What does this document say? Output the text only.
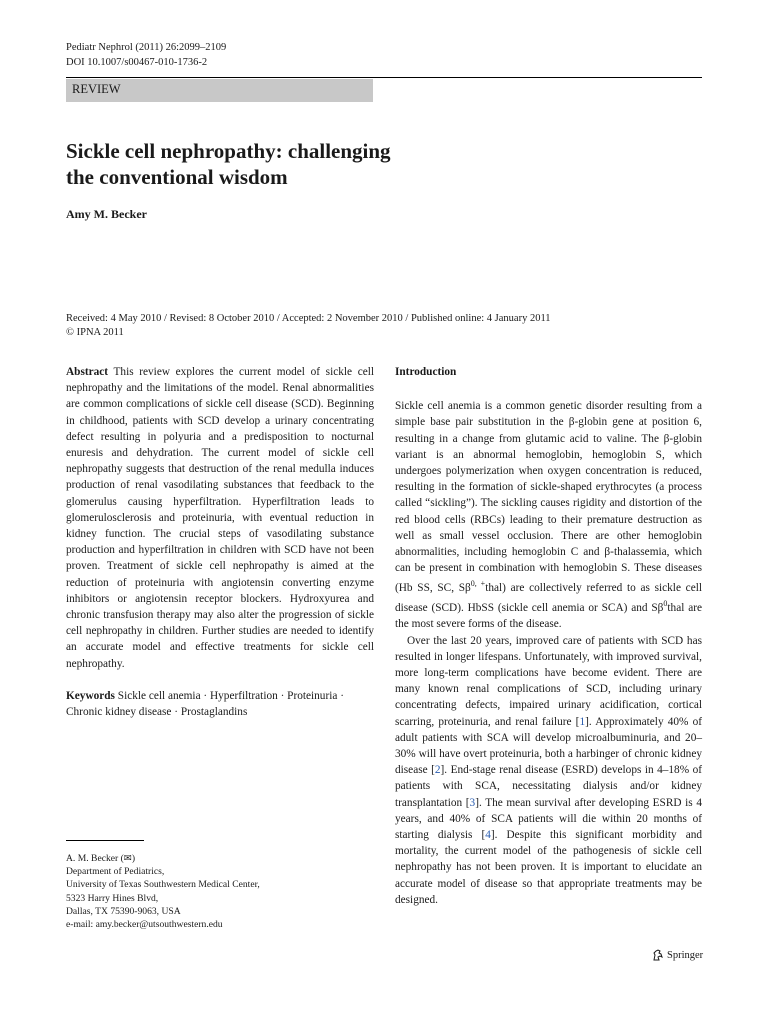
Pediatr Nephrol (2011) 26:2099–2109
DOI 10.1007/s00467-010-1736-2
REVIEW
Sickle cell nephropathy: challenging
the conventional wisdom
Amy M. Becker
Received: 4 May 2010 / Revised: 8 October 2010 / Accepted: 2 November 2010 / Published online: 4 January 2011
© IPNA 2011

Abstract This review explores the current model of sickle cell nephropathy and the limitations of the model. Renal abnormalities are common complications of sickle cell disease (SCD). Beginning in childhood, patients with SCD develop a urinary concentrating defect resulting in polyuria and a predisposition to nocturnal enuresis and dehydration. The current model of sickle cell nephropathy suggests that destruction of the renal medulla induces production of renal vasodilating substances that feedback to the glomerulus causing hyperfiltration. Hyperfiltration leads to glomerulosclerosis and proteinuria, with eventual reduction in kidney function. The crucial steps of vasodilating substance production and hyperfiltration in children with SCD have not been proven. Treatment of sickle cell nephropathy is aimed at the reduction of proteinuria with angiotensin converting enzyme inhibitors or angiotensin receptor blockers. Hydroxyurea and chronic transfusion therapy may also alter the progression of sickle cell nephropathy in children. Further studies are needed to identify an accurate model and effective treatments for sickle cell nephropathy.

Keywords Sickle cell anemia · Hyperfiltration · Proteinuria · Chronic kidney disease · Prostaglandins

A. M. Becker (✉)
Department of Pediatrics,
University of Texas Southwestern Medical Center,
5323 Harry Hines Blvd,
Dallas, TX 75390-9063, USA
e-mail: amy.becker@utsouthwestern.edu
Introduction

Sickle cell anemia is a common genetic disorder resulting from a simple base pair substitution in the β-globin gene at position 6, resulting in a change from glutamic acid to valine. The β-globin variant is an abnormal hemoglobin, hemoglobin S, which undergoes polymerization when oxygen concentration is reduced, resulting in the formation of sickle-shaped erythrocytes (a process called “sickling”). The sickling causes rigidity and distortion of the red blood cells (RBCs) leading to their premature destruction as well as small vessel occlusion. There are other hemoglobin abnormalities, including hemoglobin C and β-thalassemia, which can be present in combination with hemoglobin S. These diseases (Hb SS, SC, $S\beta^{0, +}thal$) are collectively referred to as sickle cell disease (SCD). HbSS (sickle cell anemia or SCA) and $S\beta^0thal$ are the most severe forms of the disease.

Over the last 20 years, improved care of patients with SCD has resulted in longer lifespans. Unfortunately, with improved survival, more long-term complications have become evident. There are many known renal complications of SCD, including urinary concentrating defects, impaired urinary acidification, cortical scarring, proteinuria, and renal failure [1]. Approximately 40% of adult patients with SCA will develop microalbuminuria, and 20–30% will have overt proteinuria, both a harbinger of chronic kidney disease [2]. End-stage renal disease (ESRD) develops in 4–18% of patients with SCA, necessitating dialysis and/or kidney transplantation [3]. The mean survival after developing ESRD is 4 years, and 40% of SCA patients will die within 20 months of starting dialysis [4]. Despite this significant morbidity and mortality, the current model of the pathogenesis of sickle cell nephropathy has not been proven. It is important to elucidate an accurate model of disease so that appropriate treatments may be designed.

Springer
